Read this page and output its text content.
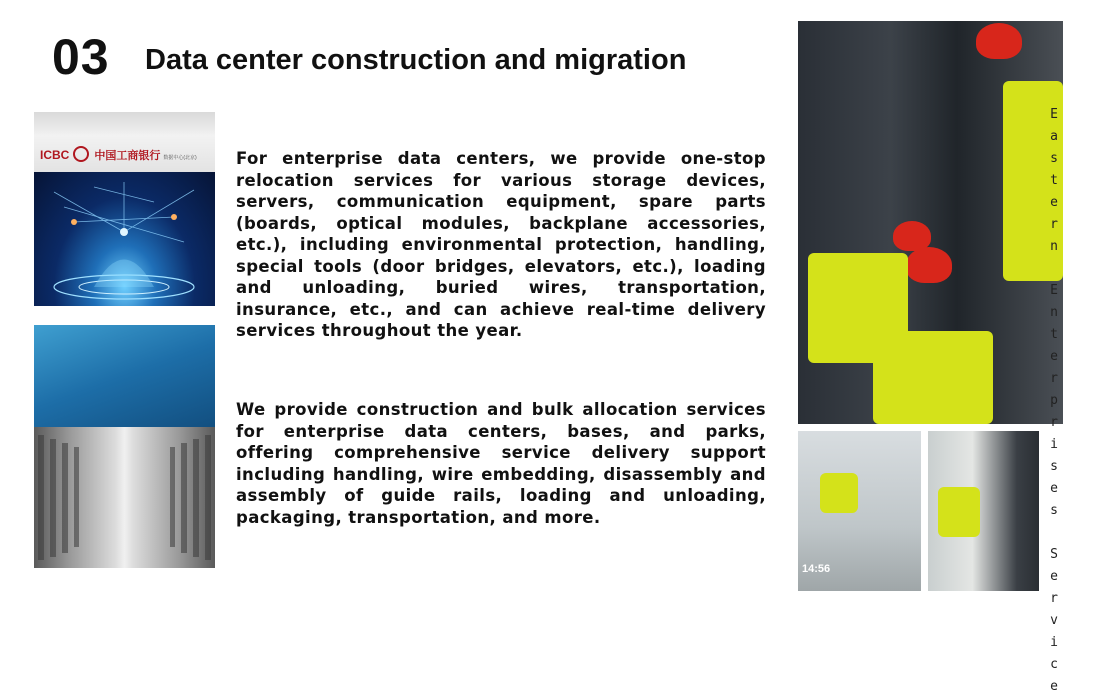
03 Data center construction and migration
ICBC 中国工商银行 数据中心(北京) For enterprise data centers, we provide one-stop relocation services for various storage devices, servers, communication equipment, spare parts (boards, optical modules, backplane accessories, etc.), including environmental protection, handling, special tools (door bridges, elevators, etc.), loading and unloading, buried wires, transportation, insurance, etc., and can achieve real-time delivery services throughout the year.
We provide construction and bulk allocation services for enterprise data centers, bases, and parks, offering comprehensive service delivery support including handling, wire embedding, disassembly and assembly of guide rails, loading and unloading, packaging, transportation, and more.
14:56
E
a
s
t
e
r
n

E
n
t
e
r
p
r
i
s
e
s

S
e
r
v
i
c
e
